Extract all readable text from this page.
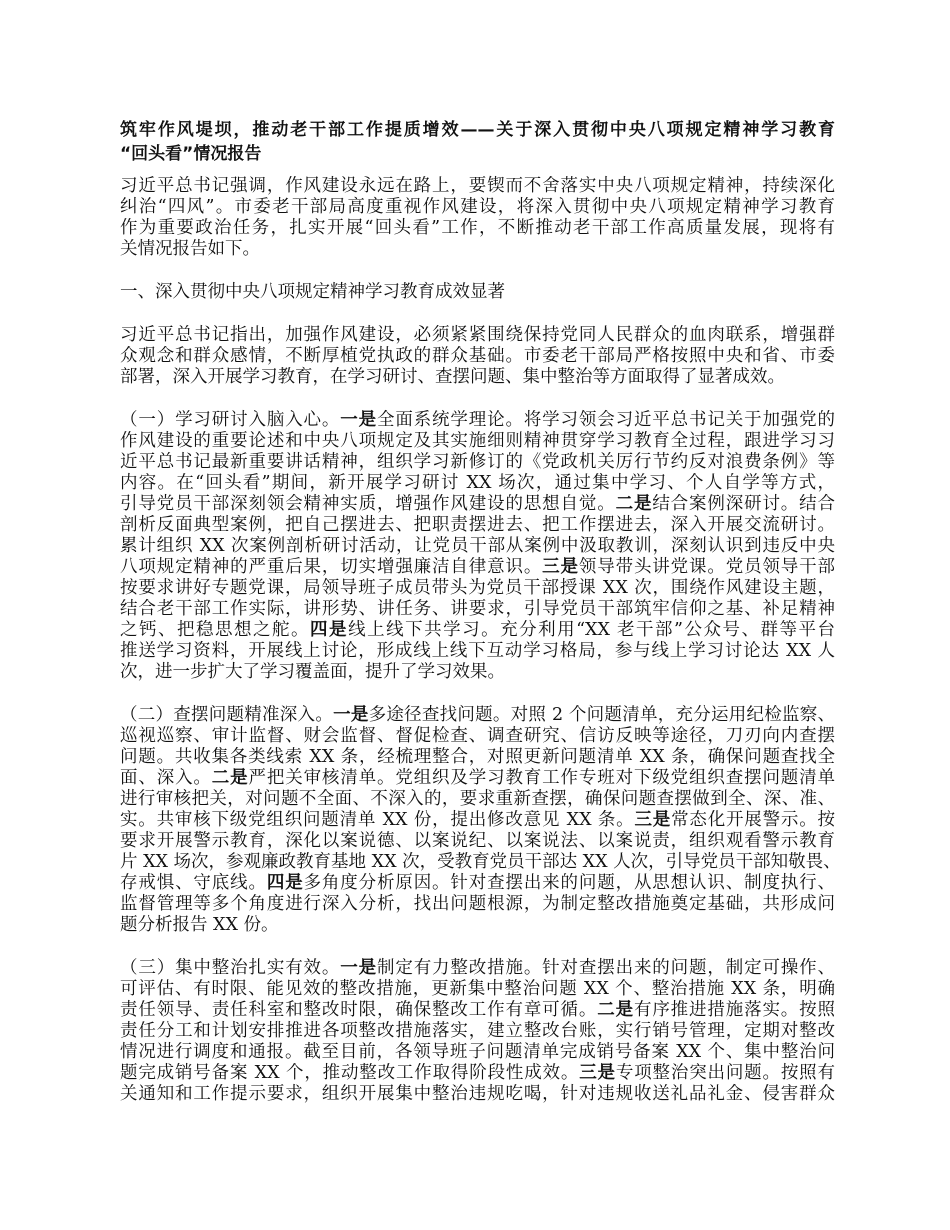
筑牢作风堤坝，推动老干部工作提质增效——关于深入贯彻中央八项规定精神学习教育
“回头看”情况报告
习近平总书记强调，作风建设永远在路上，要锲而不舍落实中央八项规定精神，持续深化
纠治“四风”。市委老干部局高度重视作风建设，将深入贯彻中央八项规定精神学习教育
作为重要政治任务，扎实开展“回头看”工作，不断推动老干部工作高质量发展，现将有
关情况报告如下。
一、深入贯彻中央八项规定精神学习教育成效显著
习近平总书记指出，加强作风建设，必须紧紧围绕保持党同人民群众的血肉联系，增强群
众观念和群众感情，不断厚植党执政的群众基础。市委老干部局严格按照中央和省、市委
部署，深入开展学习教育，在学习研讨、查摆问题、集中整治等方面取得了显著成效。
（一）学习研讨入脑入心。一是全面系统学理论。将学习领会习近平总书记关于加强党的
作风建设的重要论述和中央八项规定及其实施细则精神贯穿学习教育全过程，跟进学习习
近平总书记最新重要讲话精神，组织学习新修订的《党政机关厉行节约反对浪费条例》等
内容。在“回头看”期间，新开展学习研讨 XX 场次，通过集中学习、个人自学等方式，
引导党员干部深刻领会精神实质，增强作风建设的思想自觉。二是结合案例深研讨。结合
剖析反面典型案例，把自己摆进去、把职责摆进去、把工作摆进去，深入开展交流研讨。
累计组织 XX 次案例剖析研讨活动，让党员干部从案例中汲取教训，深刻认识到违反中央
八项规定精神的严重后果，切实增强廉洁自律意识。三是领导带头讲党课。党员领导干部
按要求讲好专题党课，局领导班子成员带头为党员干部授课 XX 次，围绕作风建设主题，
结合老干部工作实际，讲形势、讲任务、讲要求，引导党员干部筑牢信仰之基、补足精神
之钙、把稳思想之舵。四是线上线下共学习。充分利用“XX 老干部”公众号、群等平台
推送学习资料，开展线上讨论，形成线上线下互动学习格局，参与线上学习讨论达 XX 人
次，进一步扩大了学习覆盖面，提升了学习效果。
（二）查摆问题精准深入。一是多途径查找问题。对照 2 个问题清单，充分运用纪检监察、
巡视巡察、审计监督、财会监督、督促检查、调查研究、信访反映等途径，刀刃向内查摆
问题。共收集各类线索 XX 条，经梳理整合，对照更新问题清单 XX 条，确保问题查找全
面、深入。二是严把关审核清单。党组织及学习教育工作专班对下级党组织查摆问题清单
进行审核把关，对问题不全面、不深入的，要求重新查摆，确保问题查摆做到全、深、准、
实。共审核下级党组织问题清单 XX 份，提出修改意见 XX 条。三是常态化开展警示。按
要求开展警示教育，深化以案说德、以案说纪、以案说法、以案说责，组织观看警示教育
片 XX 场次，参观廉政教育基地 XX 次，受教育党员干部达 XX 人次，引导党员干部知敬畏、
存戒惧、守底线。四是多角度分析原因。针对查摆出来的问题，从思想认识、制度执行、
监督管理等多个角度进行深入分析，找出问题根源，为制定整改措施奠定基础，共形成问
题分析报告 XX 份。
（三）集中整治扎实有效。一是制定有力整改措施。针对查摆出来的问题，制定可操作、
可评估、有时限、能见效的整改措施，更新集中整治问题 XX 个、整治措施 XX 条，明确
责任领导、责任科室和整改时限，确保整改工作有章可循。二是有序推进措施落实。按照
责任分工和计划安排推进各项整改措施落实，建立整改台账，实行销号管理，定期对整改
情况进行调度和通报。截至目前，各领导班子问题清单完成销号备案 XX 个、集中整治问
题完成销号备案 XX 个，推动整改工作取得阶段性成效。三是专项整治突出问题。按照有
关通知和工作提示要求，组织开展集中整治违规吃喝，针对违规收送礼品礼金、侵害群众
